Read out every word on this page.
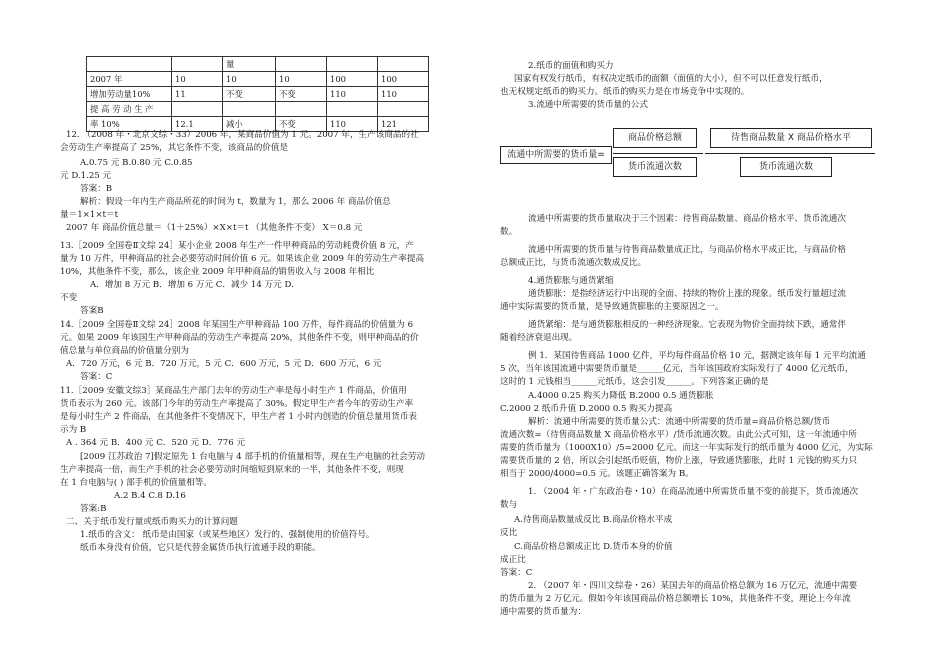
		量			
2007 年	10	10	10	100	100
增加劳动量10%	11	不变	不变	110	110
提 高 劳 动 生 产					
率 10%	12.1	减小	不变	110	121
12. （2008 年・北京文综・33）2006 年，某商品价值为 1 元。2007 年，生产该商品的社
会劳动生产率提高了 25%，其它条件不变，该商品的价值是
A.0.75 元 B.0.80 元 C.0.85
元 D.1.25 元
答案：B
解析：假设一年内生产商品所花的时间为 t，数量为 1，那么 2006 年 商品价值总
量＝1×1×t＝t
2007 年 商品价值总量＝（1＋25%）×X×t＝t （其他条件不变） X＝0.8 元
13.［2009 全国卷Ⅱ文综 24］某小企业 2008 年生产一件甲种商品的劳动耗费价值 8 元，产
量为 10 万件，甲种商品的社会必要劳动时间价值 6 元。如果该企业 2009 年的劳动生产率提高
10%，其他条件不变，那么，该企业 2009 年甲种商品的销售收入与 2008 年相比
A．增加 8 万元 B．增加 6 万元 C．减少 14 万元 D．
不变
答案B
14.［2009 全国卷Ⅱ文综 24］2008 年某国生产甲种商品 100 万件，每件商品的价值量为 6
元。如果 2009 年该国生产甲种商品的劳动生产率提高 20%，其他条件不变，则甲种商品的价
值总量与单位商品的价值量分别为
A．720 万元，6 元 B．720 万元，5 元 C．600 万元，5 元 D．600 万元，6 元
答案：C
11.［2009 安徽文综3］某商品生产部门去年的劳动生产率是每小时生产 1 件商品，价值用
货币表示为 260 元。该部门今年的劳动生产率提高了 30%。假定甲生产者今年的劳动生产率
是每小时生产 2 件商品，在其他条件不变情况下，甲生产者 1 小时内创造的价值总量用货币表
示为 B
A . 364 元 B．400 元 C．520 元 D．776 元
[2009 江苏政治 7]假定原先 1 台电脑与 4 部手机的价值量相等，现在生产电脑的社会劳动
生产率提高一倍，而生产手机的社会必要劳动时间缩短到原来的一半，其他条件不变，则现
在 1 台电脑与( ) 部手机的价值量相等。
A.2 B.4 C.8 D.16
答案:B
二、关于纸币发行量或纸币购买力的计算问题
1.纸币的含义： 纸币是由国家（或某些地区）发行的、强制使用的价值符号。
纸币本身没有价值，它只是代替金属货币执行流通手段的职能。
2.纸币的面值和购买力
国家有权发行纸币，有权决定纸币的面额（面值的大小），但不可以任意发行纸币，
也无权规定纸币的购买力。纸币的购买力是在市场竞争中实现的。
3.流通中所需要的货币量的公式
流通中所需要的货币量取决于三个因素：待售商品数量、商品价格水平、货币流通次
数。
流通中所需要的货币量与待售商品数量成正比，与商品价格水平成正比，与商品价格
总额成正比，与货币流通次数成反比。
4.通货膨胀与通货紧缩
通货膨胀：是指经济运行中出现的全面、持续的物价上涨的现象。纸币发行量超过流
通中实际需要的货币量，是导致通货膨胀的主要原因之一。
通货紧缩：是与通货膨胀相反的一种经济现象。它表现为物价全面持续下跌，通常伴
随着经济衰退出现。
例 1．某国待售商品 1000 亿件，平均每件商品价格 10 元，据测定该年每 1 元平均流通
5 次，当年该国流通中需要货币量是______亿元，当年该国政府实际发行了 4000 亿元纸币，
这时的 1 元钱相当______元纸币，这会引发______。下列答案正确的是
A.4000 0.25 购买力降低 B.2000 0.5 通货膨胀
C.2000 2 纸币升值 D.2000 0.5 购买力提高
解析：流通中所需要的货币量公式：流通中所需要的货币量=商品价格总额/货币
流通次数=（待售商品数量 X 商品价格水平）/货币流通次数。由此公式可知，这一年流通中所
需要的货币量为（1000X10）/5=2000 亿元。而这一年实际发行的纸币量为 4000 亿元，为实际
需要货币量的 2 倍，所以会引起纸币贬值，物价上涨，导致通货膨胀，此时 1 元钱的购买力只
相当于 2000/4000=0.5 元。该题正确答案为 B。
1. （2004 年・广东政治卷・10）在商品流通中所需货币量不变的前提下，货币流通次
数与
A.待售商品数量成反比 B.商品价格水平成
反比
C.商品价格总额成正比 D.货币本身的价值
成正比
答案：C
2. （2007 年・四川文综卷・26）某国去年的商品价格总额为 16 万亿元，流通中需要
的货币量为 2 万亿元。假如今年该国商品价格总额增长 10%，其他条件不变，理论上今年流
通中需要的货币量为：
流通中所需要的货币量=
商品价格总额
货币流通次数
待售商品数量 X 商品价格水平
货币流通次数
